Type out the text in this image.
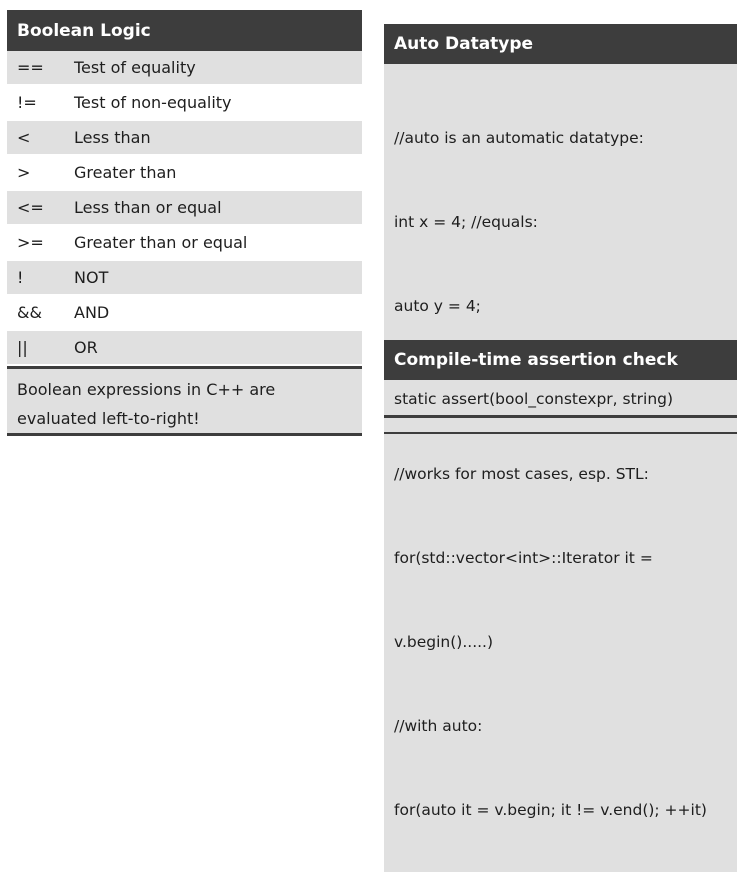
Boolean Logic
==	Test of equality
!=	Test of non-equality
<	Less than
>	Greater than
<=	Less than or equal
>=	Greater than or equal
!	NOT
&&	AND
||	OR
Boolean expressions in C++ are
evaluated left-to-right!
Auto Datatype

//auto is an automatic datatype:

int x = 4; //equals:

auto y = 4;

//works for most cases, esp. STL:

for(std::vector<int>::Iterator it =

v.begin().....)

//with auto:

for(auto it = v.begin; it != v.end(); ++it)

Compile-time assertion check
static assert(bool_constexpr, string)
